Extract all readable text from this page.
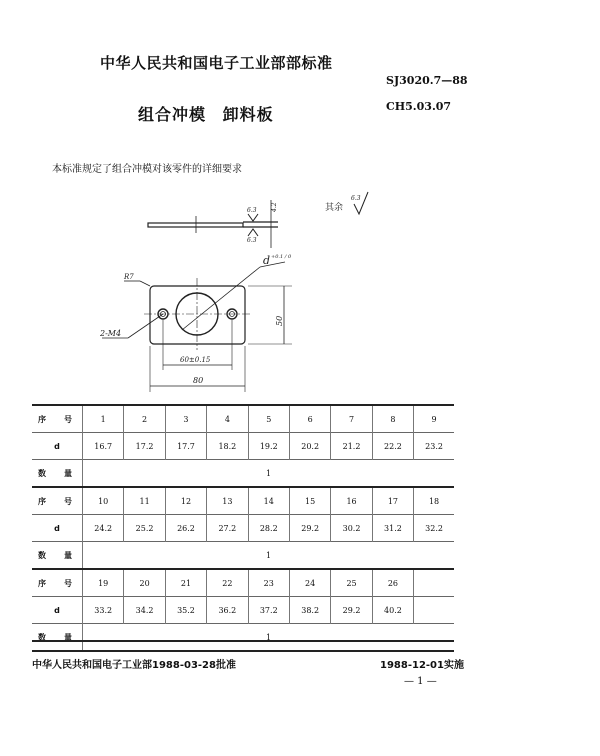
中华人民共和国电子工业部部标准
SJ3020.7—88
CH5.03.07
组合冲模 卸料板
本标准规定了组合冲模对该零件的详细要求
其余
6.3
6.3
6.3
4.2
R7
d +0.1 / 0
2-M4
60±0.15
80
50
序 号	1	2	3	4	5	6	7	8	9
d	16.7	17.2	17.7	18.2	19.2	20.2	21.2	22.2	23.2

数 量	1								

序 号	10	11	12	13	14	15	16	17	18
d	24.2	25.2	26.2	27.2	28.2	29.2	30.2	31.2	32.2

数 量	1								

序 号	19	20	21	22	23	24	25	26	
d	33.2	34.2	35.2	36.2	37.2	38.2	29.2	40.2	

数 量	1								
中华人民共和国电子工业部1988-03-28批准	1988-12-01实施
— 1 —
